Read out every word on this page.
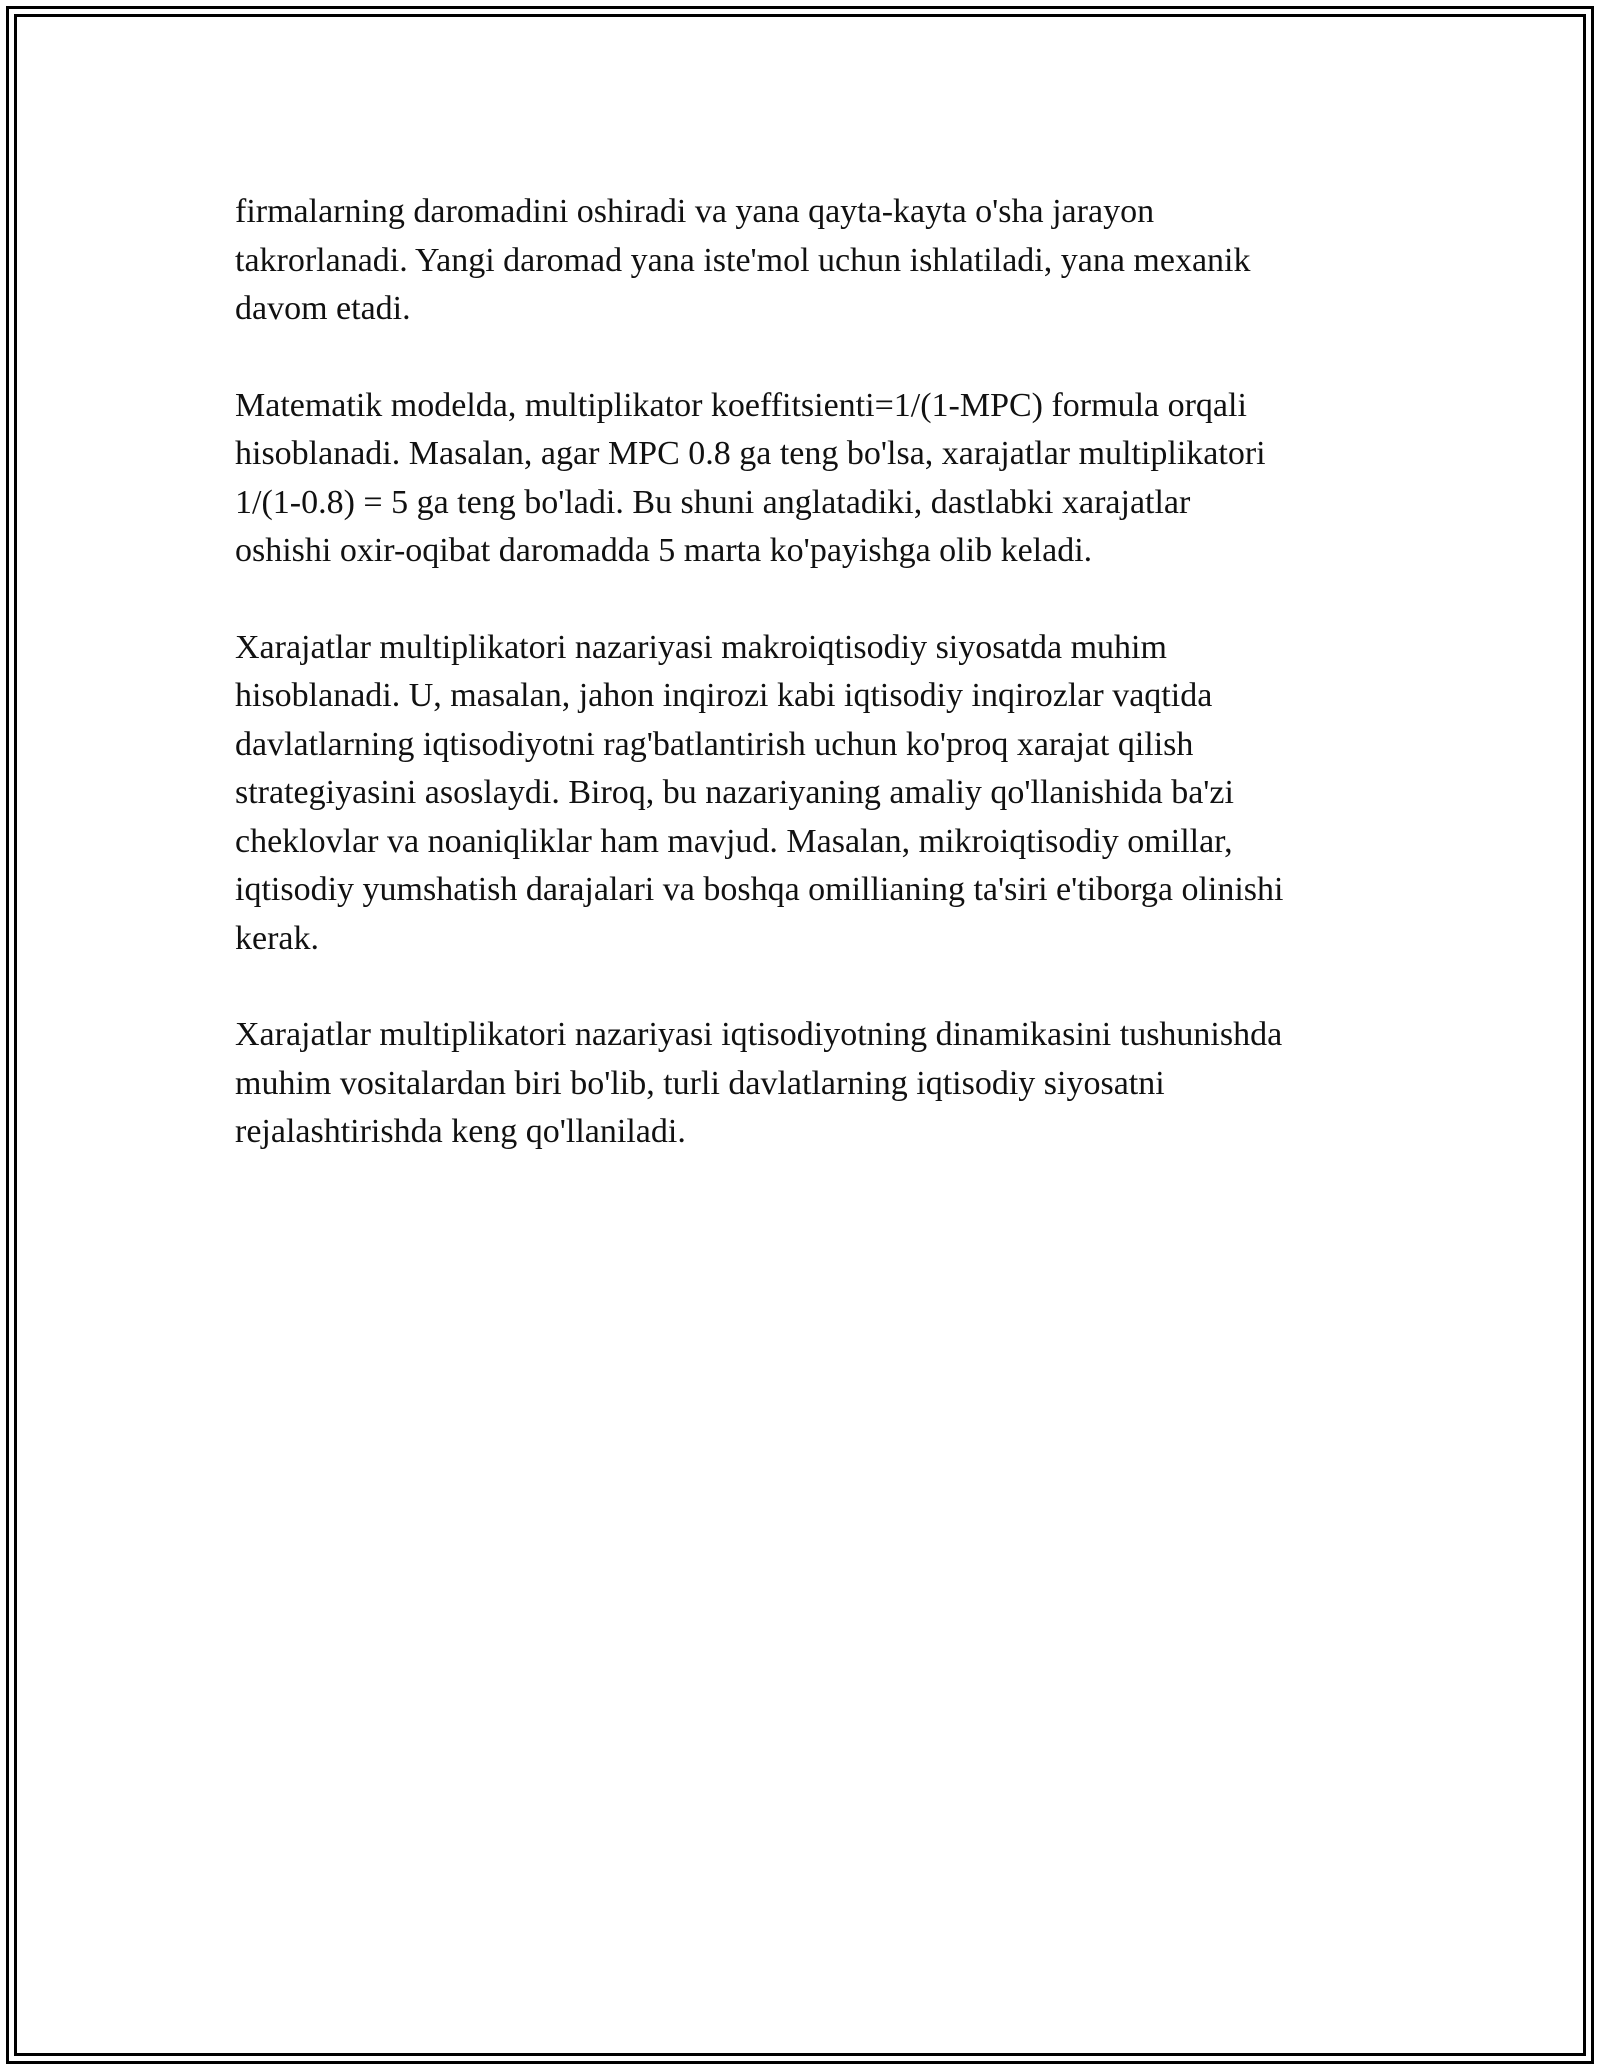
firmalarning daromadini oshiradi va yana qayta-kayta o'sha jarayon
takrorlanadi. Yangi daromad yana iste'mol uchun ishlatiladi, yana mexanik
davom etadi.

Matematik modelda, multiplikator koeffitsienti=1/(1-MPC) formula orqali
hisoblanadi. Masalan, agar MPC 0.8 ga teng bo'lsa, xarajatlar multiplikatori
1/(1-0.8) = 5 ga teng bo'ladi. Bu shuni anglatadiki, dastlabki xarajatlar
oshishi oxir-oqibat daromadda 5 marta ko'payishga olib keladi.

Xarajatlar multiplikatori nazariyasi makroiqtisodiy siyosatda muhim
hisoblanadi. U, masalan, jahon inqirozi kabi iqtisodiy inqirozlar vaqtida
davlatlarning iqtisodiyotni rag'batlantirish uchun ko'proq xarajat qilish
strategiyasini asoslaydi. Biroq, bu nazariyaning amaliy qo'llanishida ba'zi
cheklovlar va noaniqliklar ham mavjud. Masalan, mikroiqtisodiy omillar,
iqtisodiy yumshatish darajalari va boshqa omillianing ta'siri e'tiborga olinishi
kerak.

Xarajatlar multiplikatori nazariyasi iqtisodiyotning dinamikasini tushunishda
muhim vositalardan biri bo'lib, turli davlatlarning iqtisodiy siyosatni
rejalashtirishda keng qo'llaniladi.
